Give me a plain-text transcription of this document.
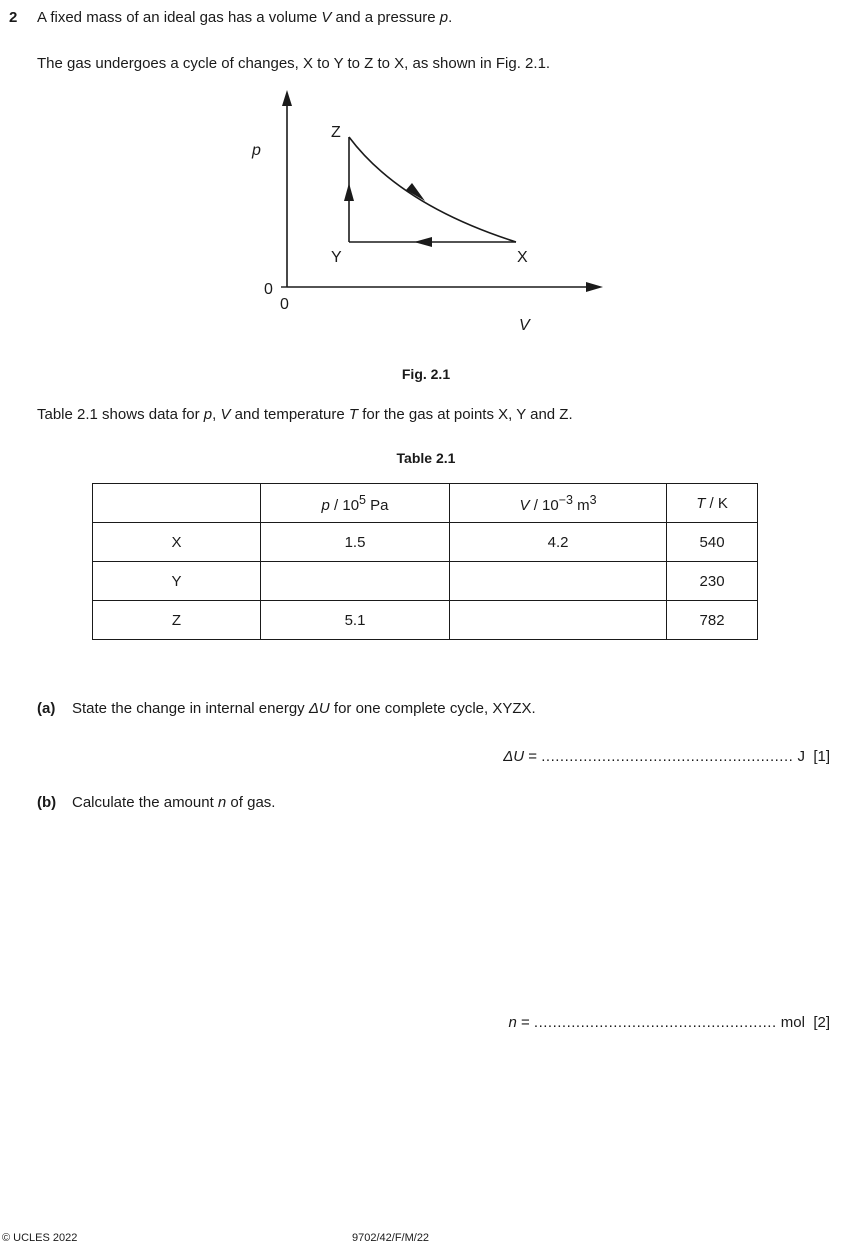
2 A fixed mass of an ideal gas has a volume V and a pressure p.
The gas undergoes a cycle of changes, X to Y to Z to X, as shown in Fig. 2.1.
p
V
0
0
Z
Y	X
Fig. 2.1
Table 2.1 shows data for p, V and temperature T for the gas at points X, Y and Z.
Table 2.1
	p / $10^5$ Pa	V / $10^{-3}$ $m^3$	T / K
X	1.5	4.2	540
Y			230
Z	5.1		782
(a) State the change in internal energy ΔU for one complete cycle, XYZX.
ΔU = ...................................................... J [1]
(b) Calculate the amount n of gas.
n = .................................................... mol [2]
© UCLES 2022	9702/42/F/M/22
